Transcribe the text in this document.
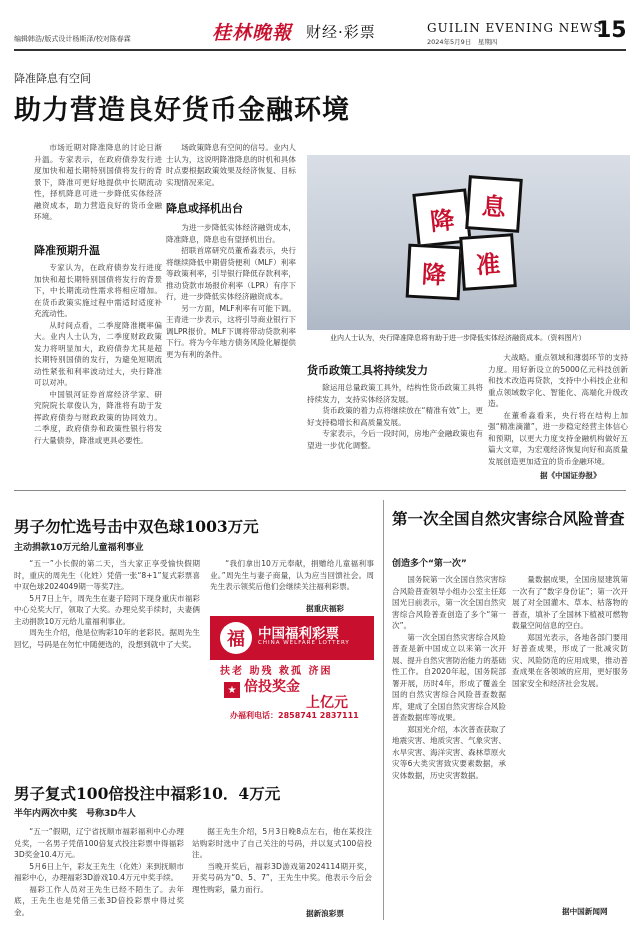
编辑韩浩/版式设计杨斯泽/校对陈春霖	桂林晚報 财经·彩票	GUILIN EVENING NEWS
2024年5月9日　星期四	15
降准降息有空间
助力营造良好货币金融环境

市场近期对降准降息的讨论日渐升温。专家表示，在政府债券发行进度加快和超长期特别国债将发行的背景下，降准可更好地提供中长期流动性，择机降息可进一步降低实体经济融资成本，助力营造良好的货币金融环境。

降准预期升温

专家认为，在政府债券发行进度加快和超长期特别国债将发行的背景下，中长期流动性需求将相应增加。在货币政策实施过程中需适时适度补充流动性。

从时间点看，二季度降准概率偏大。业内人士认为，二季度财政政策发力将明显加大，政府债券尤其是超长期特别国债的发行，为避免短期流动性紧张和利率波动过大，央行降准可以对冲。

中国银河证券首席经济学家、研究院院长章俊认为，降准将有助于发挥政府债券与财政政策的协同效力。二季度，政府债券和政策性银行将发行大量债券，降准或更具必要性。

场政策降息有空间的信号。业内人士认为，这说明降准降息的时机和具体时点要根据政策效果及经济恢复、目标实现情况来定。

降息或择机出台

为进一步降低实体经济融资成本，降准降息，降息也有望择机出台。

招联首席研究员董希淼表示，央行将继续降低中期借贷便利（MLF）利率等政策利率，引导银行降低存款利率，推动贷款市场报价利率（LPR）有序下行，进一步降低实体经济融资成本。

另一方面，MLF利率有可能下调。王青进一步表示，这将引导商业银行下调LPR报价。MLF下调将带动贷款利率下行。将为今年地方债务风险化解提供更为有利的条件。

降	息
降	准
业内人士认为，央行降准降息将有助于进一步降低实体经济融资成本。（资料图片）
货币政策工具将持续发力

除运用总量政策工具外，结构性货币政策工具将持续发力，支持实体经济发展。

货币政策的着力点将继续放在“精准有效”上，更好支持稳增长和高质量发展。

专家表示，今后一段时间，房地产金融政策也有望进一步优化调整。

大战略。重点领域和薄弱环节的支持力度。用好新设立的5000亿元科技创新和技术改造再贷款，支持中小科技企业和重点领域数字化、智能化、高端化升级改造。

在董希淼看来，央行将在结构上加强“精准滴灌”，进一步稳定经营主体信心和预期，以更大力度支持金融机构做好五篇大文章，为宏观经济恢复向好和高质量发展创造更加适宜的货币金融环境。

据《中国证券报》
男子勿忙选号击中双色球1003万元
主动捐款10万元给儿童福利事业

“五一”小长假的第二天，当大家正享受愉快假期时，重庆的周先生（化姓）凭借一张“8+1”复式彩票喜中双色球2024049期一等奖7注。

5月7日上午，周先生在妻子陪同下现身重庆市福彩中心兑奖大厅，领取了大奖。办理兑奖手续时，夫妻俩主动捐款10万元给儿童福利事业。

周先生介绍，他是位购彩10年的老彩民。据周先生回忆，号码是在勿忙中随便选的，没想到就中了大奖。

“我们拿出10万元奉献，捐赠给儿童福利事业。”周先生与妻子商量，认为应当回馈社会。周先生表示领奖后他们会继续关注福利彩票。

据重庆福彩
福 中国福利彩票
CHINA WELFARE LOTTERY
扶老 助残 救孤 济困
★ 倍投奖金
上亿元
办福利电话：2858741 2837111
男子复式100倍投注中福彩10．4万元
半年内两次中奖　号称3D牛人

“五一”假期，辽宁省抚顺市福彩福利中心办理兑奖，一名男子凭借100倍复式投注彩票中得福彩3D奖金10.4万元。

5月6日上午，彩友王先生（化姓）来到抚顺市福彩中心，办理福彩3D游戏10.4万元中奖手续。

福彩工作人员对王先生已经不陌生了。去年底，王先生也是凭借三张3D倍投彩票中得过奖金。

据王先生介绍，5月3日晚8点左右，他在某投注站购彩时选中了自己关注的号码，并以复式100倍投注。

当晚开奖后，福彩3D游戏第2024114期开奖，开奖号码为“0、5、7”，王先生中奖。他表示今后会理性购彩，量力而行。

据新浪彩票
第一次全国自然灾害综合风险普查
创造多个“第一次”

国务院第一次全国自然灾害综合风险普查领导小组办公室主任郑国光日前表示，第一次全国自然灾害综合风险普查创造了多个“第一次”。

第一次全国自然灾害综合风险普查是新中国成立以来第一次开展、提升自然灾害防治能力的基础性工作。自2020年起，国务院部署开展，历时4年，形成了覆盖全国的自然灾害综合风险普查数据库，建成了全国自然灾害综合风险普查数据库等成果。

郑国光介绍，本次普查获取了地震灾害、地质灾害、气象灾害、水旱灾害、海洋灾害、森林草原火灾等6大类灾害致灾要素数据，承灾体数据，历史灾害数据。

量数据成果，全国房屋建筑第一次有了“数字身份证”；第一次开展了对全国灌木、草本、枯落物的普查，填补了全国林下植被可燃物载量空间信息的空白。

郑国光表示，各地各部门要用好普查成果，形成了一批减灾防灾、风险防范的应用成果，推动普查成果在各领域的应用，更好服务国家安全和经济社会发展。

据中国新闻网
